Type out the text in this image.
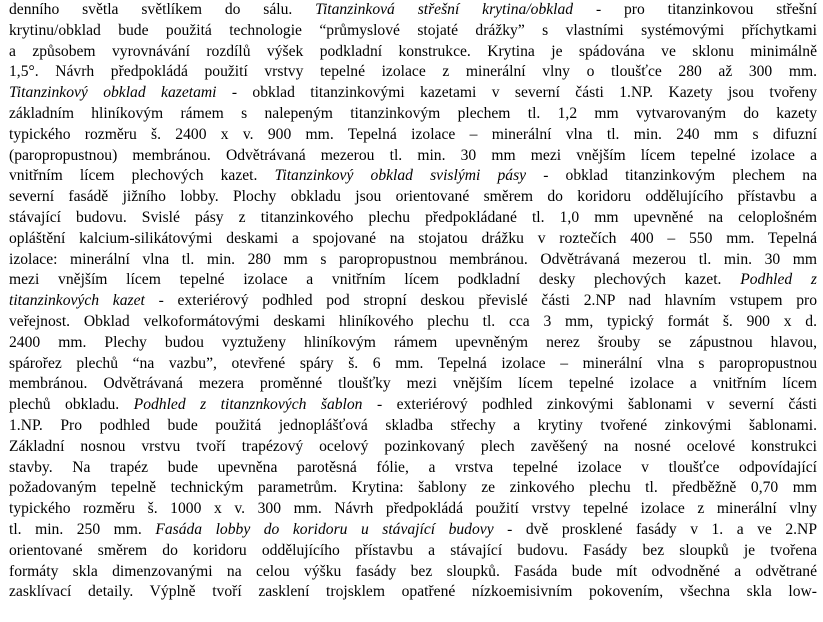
denního světla světlíkem do sálu. Titanzinková střešní krytina/obklad - pro titanzinkovou střešní
krytinu/obklad bude použitá technologie “průmyslové stojaté drážky” s vlastními systémovými příchytkami
a způsobem vyrovnávání rozdílů výšek podkladní konstrukce. Krytina je spádována ve sklonu minimálně
1,5°. Návrh předpokládá použití vrstvy tepelné izolace z minerální vlny o tloušťce 280 až 300 mm.
Titanzinkový obklad kazetami - obklad titanzinkovými kazetami v severní části 1.NP. Kazety jsou tvořeny
základním hliníkovým rámem s nalepeným titanzinkovým plechem tl. 1,2 mm vytvarovaným do kazety
typického rozměru š. 2400 x v. 900 mm. Tepelná izolace – minerální vlna tl. min. 240 mm s difuzní
(paropropustnou) membránou. Odvětrávaná mezerou tl. min. 30 mm mezi vnějším lícem tepelné izolace a
vnitřním lícem plechových kazet. Titanzinkový obklad svislými pásy - obklad titanzinkovým plechem na
severní fasádě jižního lobby. Plochy obkladu jsou orientované směrem do koridoru oddělujícího přístavbu a
stávající budovu. Svislé pásy z titanzinkového plechu předpokládané tl. 1,0 mm upevněné na celoplošném
opláštění kalcium-silikátovými deskami a spojované na stojatou drážku v roztečích 400 – 550 mm. Tepelná
izolace: minerální vlna tl. min. 280 mm s paropropustnou membránou. Odvětrávaná mezerou tl. min. 30 mm
mezi vnějším lícem tepelné izolace a vnitřním lícem podkladní desky plechových kazet. Podhled z
titanzinkových kazet - exteriérový podhled pod stropní deskou převislé části 2.NP nad hlavním vstupem pro
veřejnost. Obklad velkoformátovými deskami hliníkového plechu tl. cca 3 mm, typický formát š. 900 x d.
2400 mm. Plechy budou vyztuženy hliníkovým rámem upevněným nerez šrouby se zápustnou hlavou,
spárořez plechů “na vazbu”, otevřené spáry š. 6 mm. Tepelná izolace – minerální vlna s paropropustnou
membránou. Odvětrávaná mezera proměnné tloušťky mezi vnějším lícem tepelné izolace a vnitřním lícem
plechů obkladu. Podhled z titanznkových šablon - exteriérový podhled zinkovými šablonami v severní části
1.NP. Pro podhled bude použitá jednoplášťová skladba střechy a krytiny tvořené zinkovými šablonami.
Základní nosnou vrstvu tvoří trapézový ocelový pozinkovaný plech zavěšený na nosné ocelové konstrukci
stavby. Na trapéz bude upevněna parotěsná fólie, a vrstva tepelné izolace v tloušťce odpovídající
požadovaným tepelně technickým parametrům. Krytina: šablony ze zinkového plechu tl. předběžně 0,70 mm
typického rozměru š. 1000 x v. 300 mm. Návrh předpokládá použití vrstvy tepelné izolace z minerální vlny
tl. min. 250 mm. Fasáda lobby do koridoru u stávající budovy - dvě prosklené fasády v 1. a ve 2.NP
orientované směrem do koridoru oddělujícího přístavbu a stávající budovu. Fasády bez sloupků je tvořena
formáty skla dimenzovanými na celou výšku fasády bez sloupků. Fasáda bude mít odvodněné a odvětrané
zasklívací detaily. Výplně tvoří zasklení trojsklem opatřené nízkoemisivním pokovením, všechna skla low-
